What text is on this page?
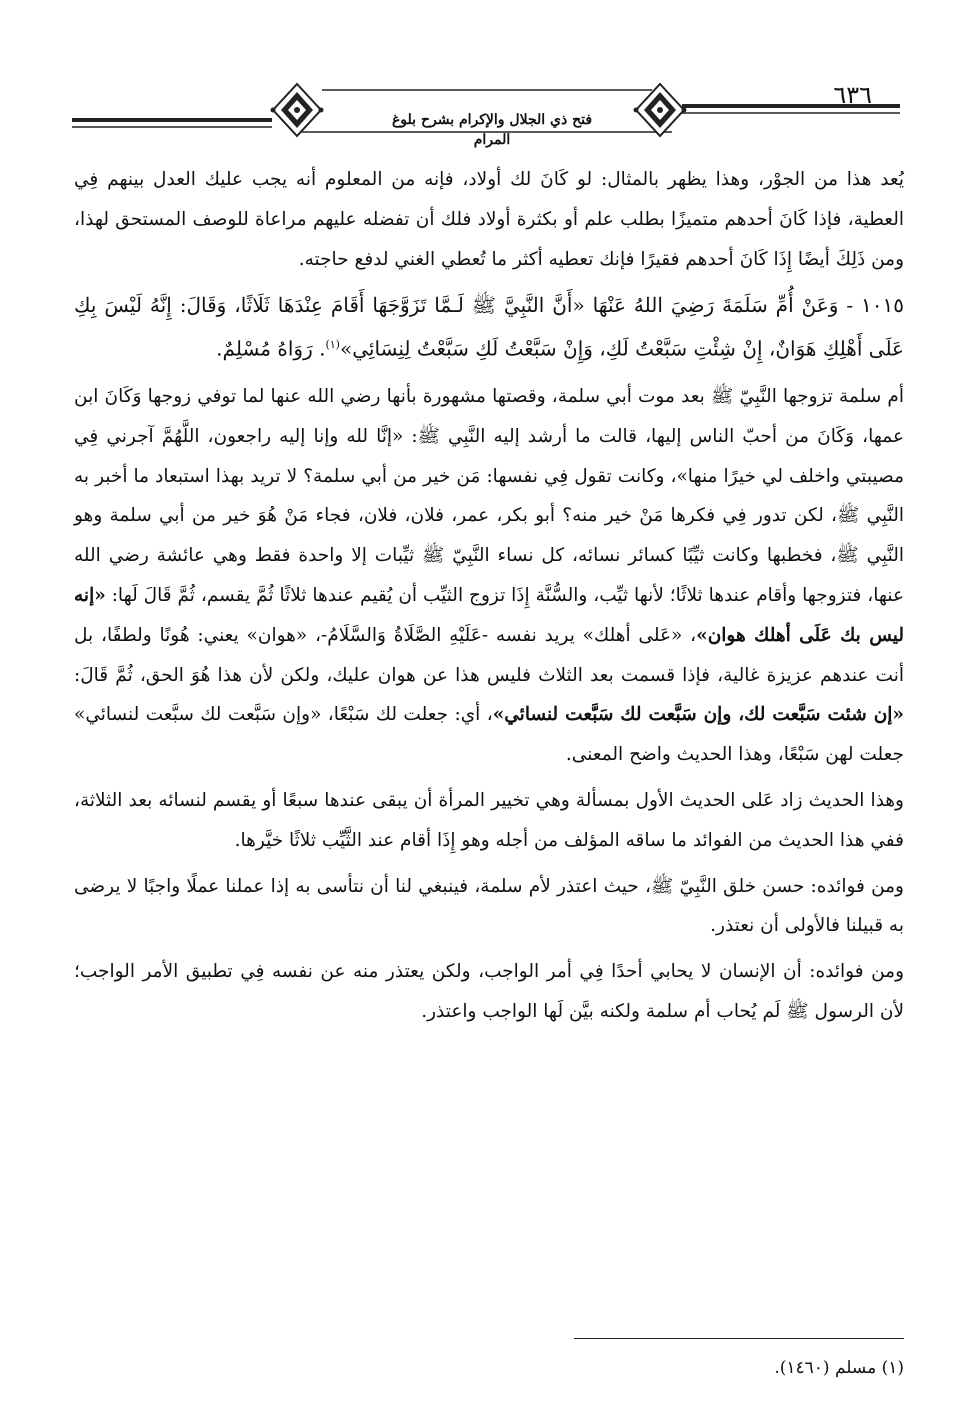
٦٣٦
فتح ذي الجلال والإكرام بشرح بلوغ المرام

يُعد هذا من الجوْر، وهذا يظهر بالمثال: لو كَانَ لك أولاد، فإنه من المعلوم أنه يجب عليك العدل بينهم فِي العطية، فإذا كَانَ أحدهم متميزًا بطلب علم أو بكثرة أولاد فلك أن تفضله عليهم مراعاة للوصف المستحق لهذا، ومن ذَلِكَ أيضًا إِذَا كَانَ أحدهم فقيرًا فإنك تعطيه أكثر ما تُعطي الغني لدفع حاجته.

١٠١٥ - وَعَنْ أُمِّ سَلَمَةَ رَضِيَ اللهُ عَنْهَا «أَنَّ النَّبِيَّ ﷺ لَـمَّا تَزَوَّجَهَا أَقَامَ عِنْدَهَا ثَلَاثًا، وَقَالَ: إِنَّهُ لَيْسَ بِكِ عَلَى أَهْلِكِ هَوَانٌ، إِنْ شِئْتِ سَبَّعْتُ لَكِ، وَإِنْ سَبَّعْتُ لَكِ سَبَّعْتُ لِنِسَائِي»$^{(١)}$. رَوَاهُ مُسْلِمٌ.

أم سلمة تزوجها النَّبِيّ ﷺ بعد موت أبي سلمة، وقصتها مشهورة بأنها رضي الله عنها لما توفي زوجها وَكَانَ ابن عمها، وَكَانَ من أحبّ الناس إليها، قالت ما أرشد إليه النَّبِي ﷺ: «إنَّا لله وإنا إليه راجعون، اللَّهُمَّ آجرني فِي مصيبتي واخلف لي خيرًا منها»، وكانت تقول فِي نفسها: مَن خير من أبي سلمة؟ لا تريد بهذا استبعاد ما أخبر به النَّبِي ﷺ، لكن تدور فِي فكرها مَنْ خير منه؟ أبو بكر، عمر، فلان، فلان، فجاء مَنْ هُوَ خير من أبي سلمة وهو النَّبِي ﷺ، فخطبها وكانت ثيِّبًا كسائر نسائه، كل نساء النَّبِيّ ﷺ ثيِّبات إلا واحدة فقط وهي عائشة رضي الله عنها، فتزوجها وأقام عندها ثلاثًا؛ لأنها ثيِّب، والسُّنَّة إِذَا تزوج الثيِّب أن يُقيم عندها ثلاثًا ثُمَّ يقسم، ثُمَّ قَالَ لَها: «إنه ليس بك عَلَى أهلك هوان»، «عَلى أهلك» يريد نفسه -عَلَيْهِ الصَّلَاةُ وَالسَّلَامُ-، «هوان» يعني: هُونًا ولطفًا، بل أنت عندهم عزيزة غالية، فإذا قسمت بعد الثلاث فليس هذا عن هوان عليك، ولكن لأن هذا هُوَ الحق، ثُمَّ قَالَ: «إن شئت سَبَّعت لك، وإن سَبَّعت لك سَبَّعت لنسائي»، أي: جعلت لك سَبْعًا، «وإن سَبَّعت لك سبَّعت لنسائي» جعلت لهن سَبْعًا، وهذا الحديث واضح المعنى.

وهذا الحديث زاد عَلى الحديث الأول بمسألة وهي تخيير المرأة أن يبقى عندها سبعًا أو يقسم لنسائه بعد الثلاثة، ففي هذا الحديث من الفوائد ما ساقه المؤلف من أجله وهو إِذَا أقام عند الثَّيِّب ثلاثًا خيَّرها.

ومن فوائده: حسن خلق النَّبِيّ ﷺ، حيث اعتذر لأم سلمة، فينبغي لنا أن نتأسى به إذا عملنا عملًا واجبًا لا يرضى به قبيلنا فالأولى أن نعتذر.

ومن فوائده: أن الإنسان لا يحابي أحدًا فِي أمر الواجب، ولكن يعتذر منه عن نفسه فِي تطبيق الأمر الواجب؛ لأن الرسول ﷺ لَم يُحاب أم سلمة ولكنه بيَّن لَها الواجب واعتذر.

(١) مسلم (١٤٦٠).
